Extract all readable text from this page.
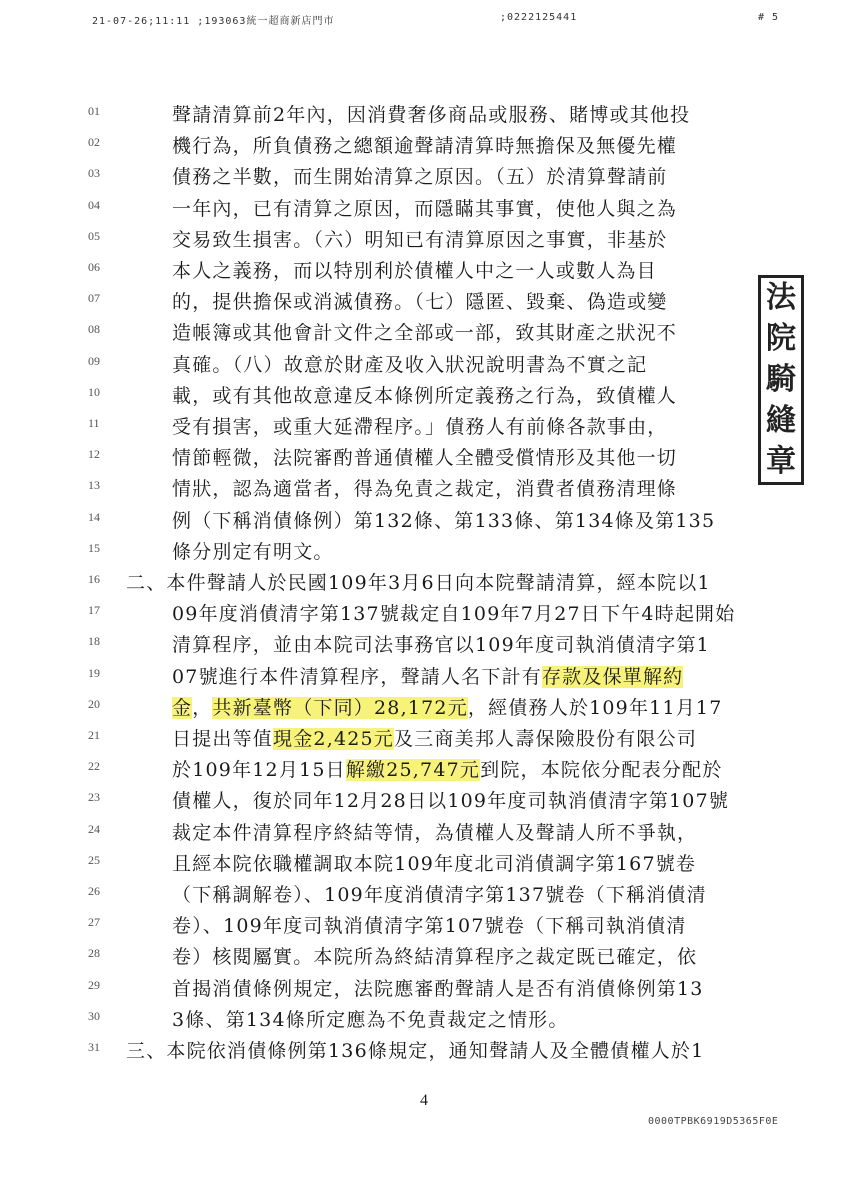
21-07-26;11:11 ;193063統一超商新店門市	;0222125441	# 5
01	聲請清算前2年內，因消費奢侈商品或服務、賭博或其他投
02	機行為，所負債務之總額逾聲請清算時無擔保及無優先權
03	債務之半數，而生開始清算之原因。（五）於清算聲請前
04	一年內，已有清算之原因，而隱瞞其事實，使他人與之為
05	交易致生損害。（六）明知已有清算原因之事實，非基於
06	本人之義務，而以特別利於債權人中之一人或數人為目
07	的，提供擔保或消滅債務。（七）隱匿、毀棄、偽造或變
08	造帳簿或其他會計文件之全部或一部，致其財產之狀況不
09	真確。（八）故意於財產及收入狀況說明書為不實之記
10	載，或有其他故意違反本條例所定義務之行為，致債權人
11	受有損害，或重大延滯程序。」債務人有前條各款事由，
12	情節輕微，法院審酌普通債權人全體受償情形及其他一切
13	情狀，認為適當者，得為免責之裁定，消費者債務清理條
14	例（下稱消債條例）第132條、第133條、第134條及第135
15	條分別定有明文。
16	二、本件聲請人於民國109年3月6日向本院聲請清算，經本院以1
17	09年度消債清字第137號裁定自109年7月27日下午4時起開始
18	清算程序，並由本院司法事務官以109年度司執消債清字第1
19	07號進行本件清算程序，聲請人名下計有存款及保單解約
20	金，共新臺幣（下同）28,172元，經債務人於109年11月17
21	日提出等值現金2,425元及三商美邦人壽保險股份有限公司
22	於109年12月15日解繳25,747元到院，本院依分配表分配於
23	債權人，復於同年12月28日以109年度司執消債清字第107號
24	裁定本件清算程序終結等情，為債權人及聲請人所不爭執，
25	且經本院依職權調取本院109年度北司消債調字第167號卷
26	（下稱調解卷）、109年度消債清字第137號卷（下稱消債清
27	卷）、109年度司執消債清字第107號卷（下稱司執消債清
28	卷）核閱屬實。本院所為終結清算程序之裁定既已確定，依
29	首揭消債條例規定，法院應審酌聲請人是否有消債條例第13
30	3條、第134條所定應為不免責裁定之情形。
31	三、本院依消債條例第136條規定，通知聲請人及全體債權人於1
法
院
騎
縫
章
4
0000TPBK6919D5365F0E
